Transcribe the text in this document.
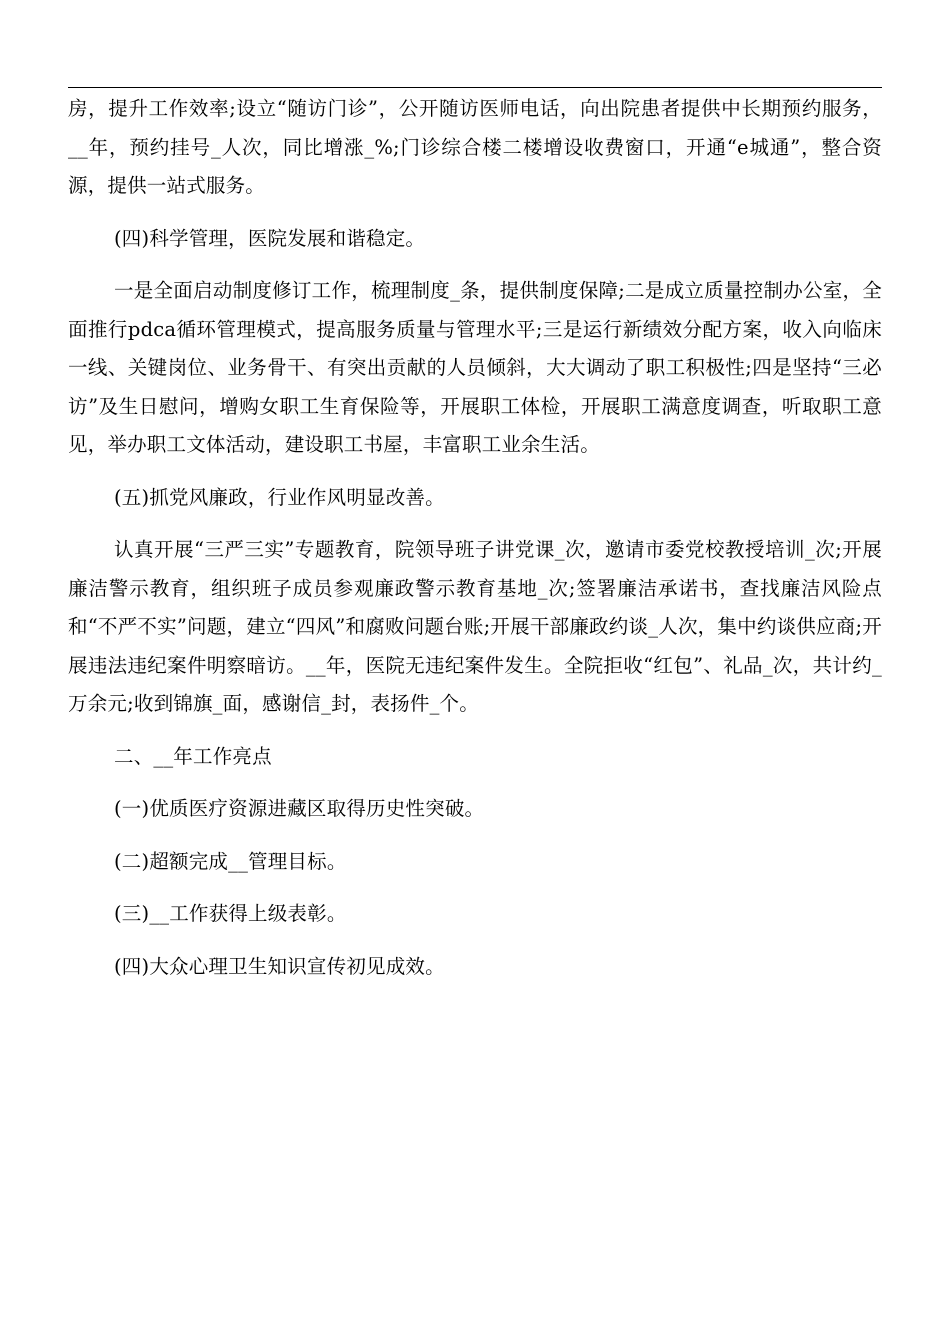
房，提升工作效率;设立“随访门诊”，公开随访医师电话，向出院患者提供中长期预约服务，__年，预约挂号_人次，同比增涨_%;门诊综合楼二楼增设收费窗口，开通“e城通”，整合资源，提供一站式服务。

(四)科学管理，医院发展和谐稳定。

一是全面启动制度修订工作，梳理制度_条，提供制度保障;二是成立质量控制办公室，全面推行pdca循环管理模式，提高服务质量与管理水平;三是运行新绩效分配方案，收入向临床一线、关键岗位、业务骨干、有突出贡献的人员倾斜，大大调动了职工积极性;四是坚持“三必访”及生日慰问，增购女职工生育保险等，开展职工体检，开展职工满意度调查，听取职工意见，举办职工文体活动，建设职工书屋，丰富职工业余生活。

(五)抓党风廉政，行业作风明显改善。

认真开展“三严三实”专题教育，院领导班子讲党课_次，邀请市委党校教授培训_次;开展廉洁警示教育，组织班子成员参观廉政警示教育基地_次;签署廉洁承诺书，查找廉洁风险点和“不严不实”问题，建立“四风”和腐败问题台账;开展干部廉政约谈_人次，集中约谈供应商;开展违法违纪案件明察暗访。__年，医院无违纪案件发生。全院拒收“红包”、礼品_次，共计约_万余元;收到锦旗_面，感谢信_封，表扬件_个。

二、__年工作亮点

(一)优质医疗资源进藏区取得历史性突破。

(二)超额完成__管理目标。

(三)__工作获得上级表彰。

(四)大众心理卫生知识宣传初见成效。
